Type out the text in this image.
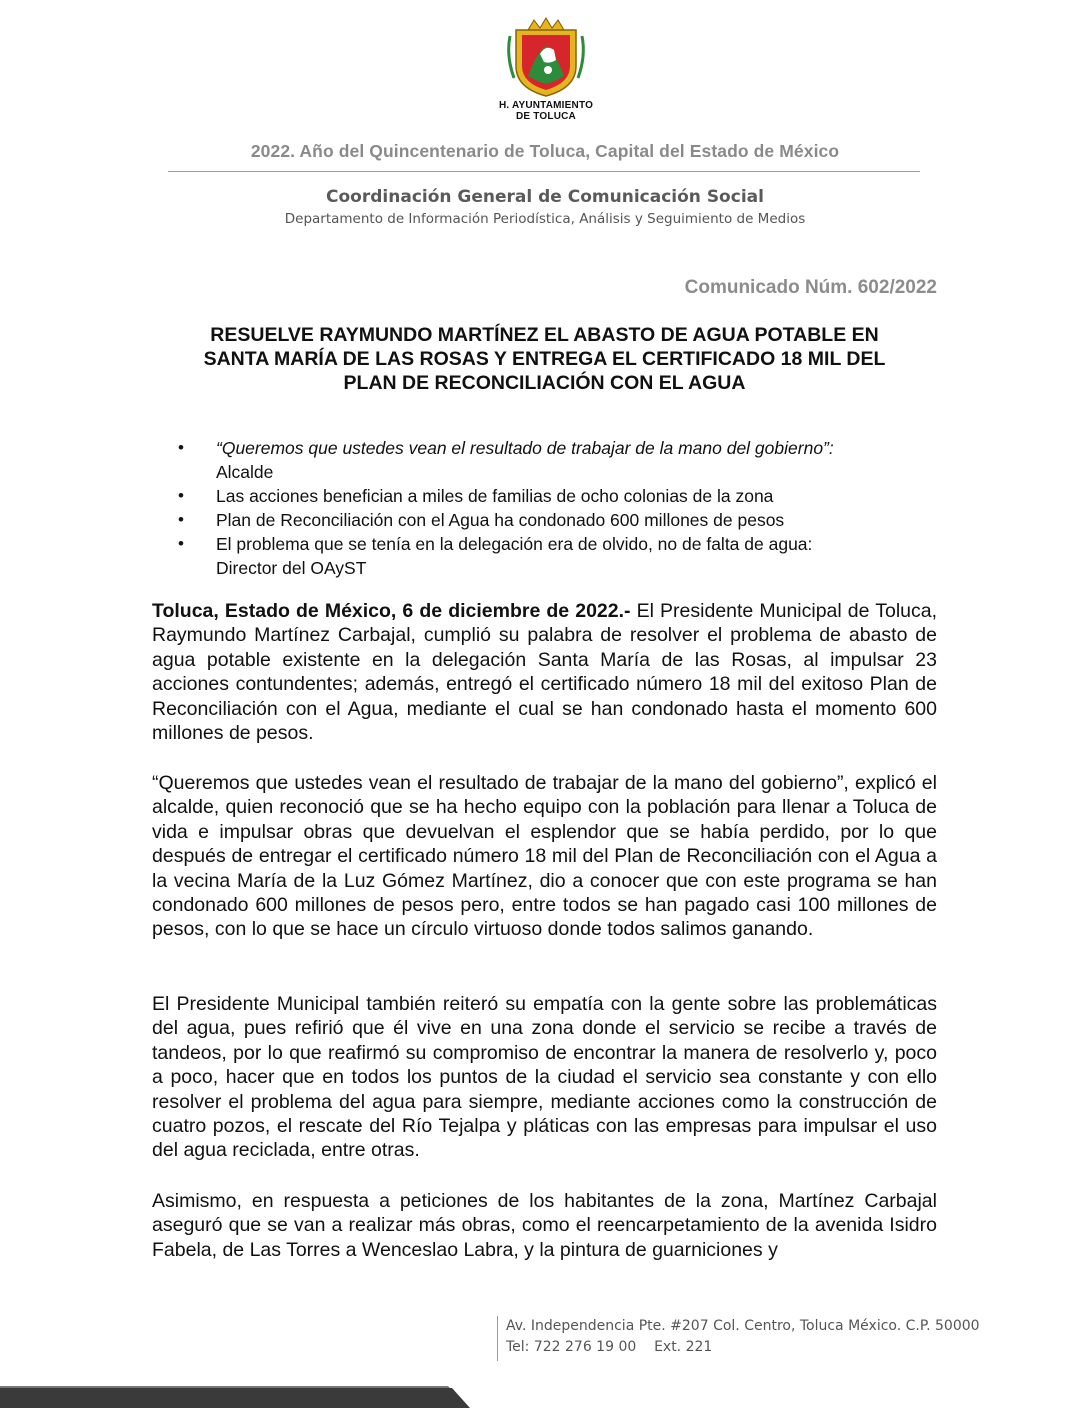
H. AYUNTAMIENTO
DE TOLUCA
2022. Año del Quincentenario de Toluca, Capital del Estado de México
Coordinación General de Comunicación Social
Departamento de Información Periodística, Análisis y Seguimiento de Medios
Comunicado Núm. 602/2022
RESUELVE RAYMUNDO MARTÍNEZ EL ABASTO DE AGUA POTABLE EN
SANTA MARÍA DE LAS ROSAS Y ENTREGA EL CERTIFICADO 18 MIL DEL
PLAN DE RECONCILIACIÓN CON EL AGUA
• “Queremos que ustedes vean el resultado de trabajar de la mano del gobierno”:
Alcalde
• Las acciones benefician a miles de familias de ocho colonias de la zona
• Plan de Reconciliación con el Agua ha condonado 600 millones de pesos
• El problema que se tenía en la delegación era de olvido, no de falta de agua:
Director del OAyST

Toluca, Estado de México, 6 de diciembre de 2022.- El Presidente Municipal de Toluca, Raymundo Martínez Carbajal, cumplió su palabra de resolver el problema de abasto de agua potable existente en la delegación Santa María de las Rosas, al impulsar 23 acciones contundentes; además, entregó el certificado número 18 mil del exitoso Plan de Reconciliación con el Agua, mediante el cual se han condonado hasta el momento 600 millones de pesos.

“Queremos que ustedes vean el resultado de trabajar de la mano del gobierno”, explicó el alcalde, quien reconoció que se ha hecho equipo con la población para llenar a Toluca de vida e impulsar obras que devuelvan el esplendor que se había perdido, por lo que después de entregar el certificado número 18 mil del Plan de Reconciliación con el Agua a la vecina María de la Luz Gómez Martínez, dio a conocer que con este programa se han condonado 600 millones de pesos pero, entre todos se han pagado casi 100 millones de pesos, con lo que se hace un círculo virtuoso donde todos salimos ganando.

El Presidente Municipal también reiteró su empatía con la gente sobre las problemáticas del agua, pues refirió que él vive en una zona donde el servicio se recibe a través de tandeos, por lo que reafirmó su compromiso de encontrar la manera de resolverlo y, poco a poco, hacer que en todos los puntos de la ciudad el servicio sea constante y con ello resolver el problema del agua para siempre, mediante acciones como la construcción de cuatro pozos, el rescate del Río Tejalpa y pláticas con las empresas para impulsar el uso del agua reciclada, entre otras.

Asimismo, en respuesta a peticiones de los habitantes de la zona, Martínez Carbajal aseguró que se van a realizar más obras, como el reencarpetamiento de la avenida Isidro Fabela, de Las Torres a Wenceslao Labra, y la pintura de guarniciones y

Av. Independencia Pte. #207 Col. Centro, Toluca México. C.P. 50000
Tel: 722 276 19 00    Ext. 221
